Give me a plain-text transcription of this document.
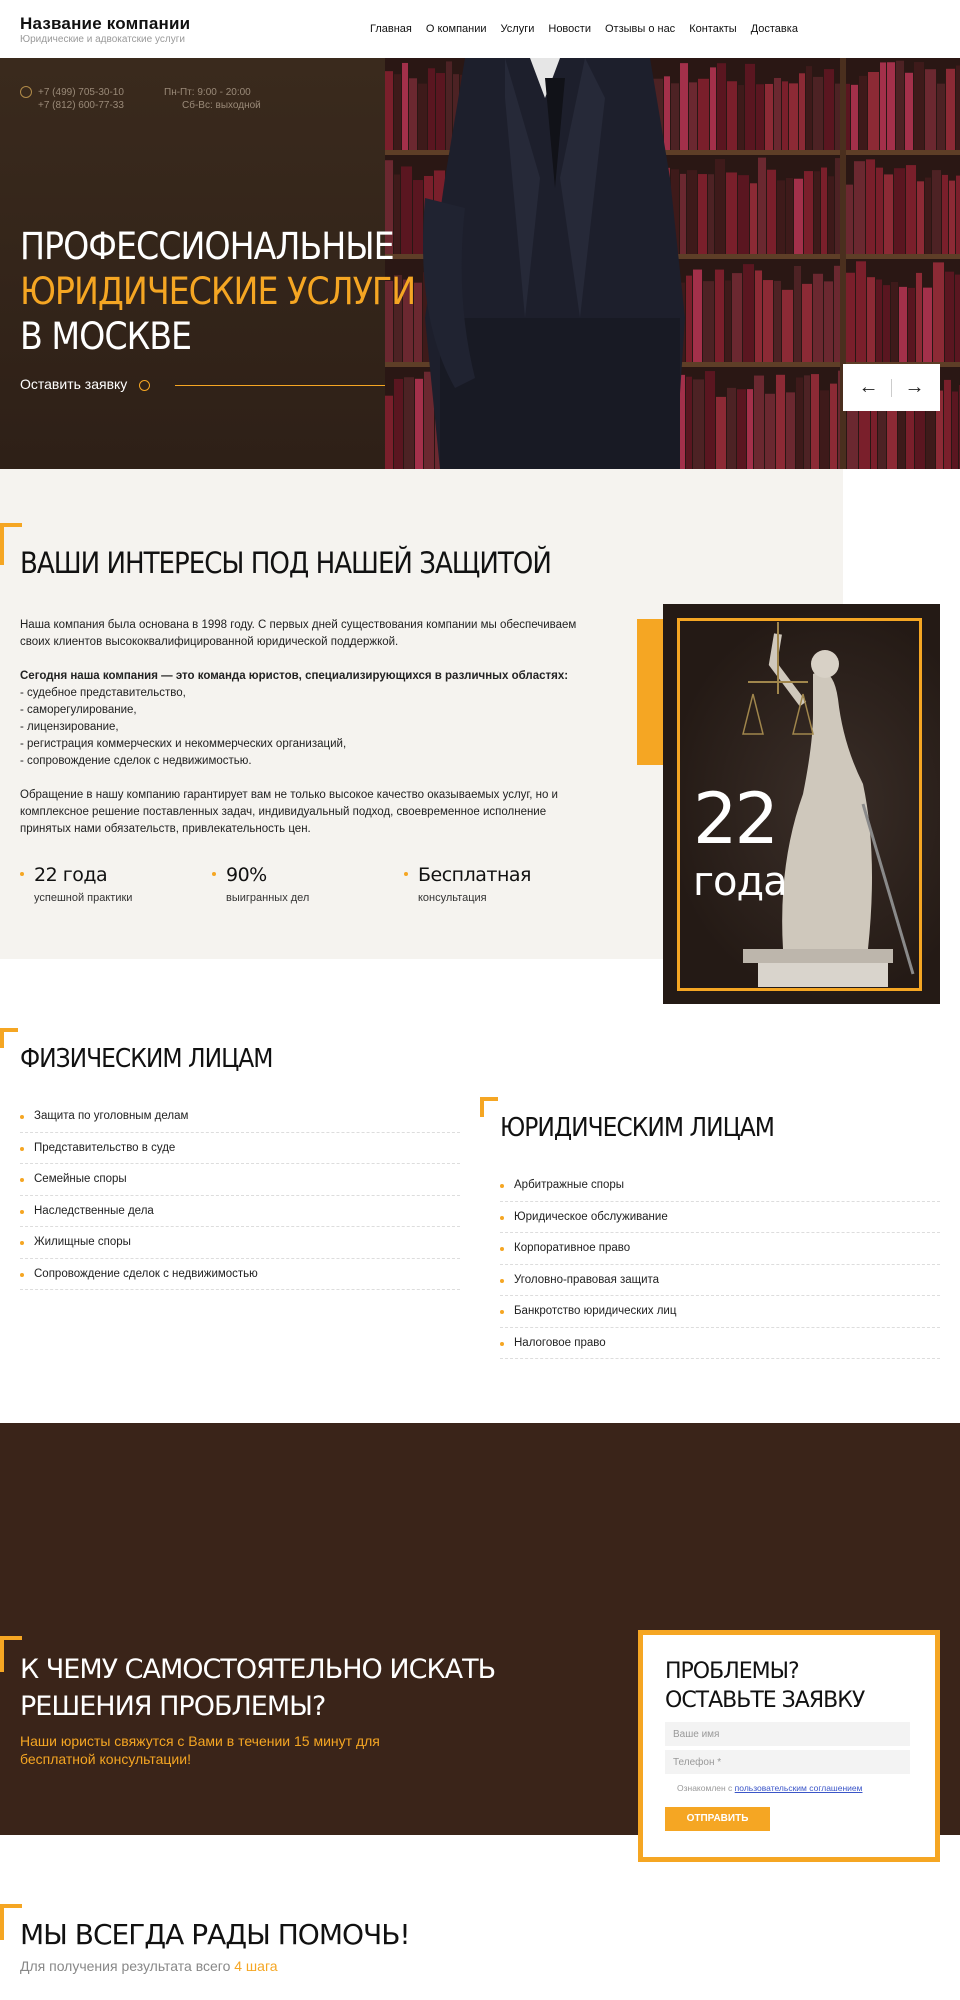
Название компании
Юридические и адвокатские услуги
Главная О компании Услуги Новости Отзывы о нас Контакты Доставка
+7 (499) 705-30-10
+7 (812) 600-77-33
Пн-Пт: 9:00 - 20:00
Сб-Вс: выходной
ПРОФЕССИОНАЛЬНЫЕ
ЮРИДИЧЕСКИЕ УСЛУГИ
В МОСКВЕ
Оставить заявку	←	→
ВАШИ ИНТЕРЕСЫ ПОД НАШЕЙ ЗАЩИТОЙ

Наша компания была основана в 1998 году. С первых дней существования компании мы обеспечиваем своих клиентов высококвалифицированной юридической поддержкой.

Сегодня наша компания — это команда юристов, специализирующихся в различных областях:
- судебное представительство,
- саморегулирование,
- лицензирование,
- регистрация коммерческих и некоммерческих организаций,
- сопровождение сделок с недвижимостью.

Обращение в нашу компанию гарантирует вам не только высокое качество оказываемых услуг, но и комплексное решение поставленных задач, индивидуальный подход, своевременное исполнение принятых нами обязательств, привлекательность цен.

22 года
успешной практики
90%
выигранных дел
Бесплатная
консультация
22
года
ФИЗИЧЕСКИМ ЛИЦАМ
Защита по уголовным делам
Представительство в суде
Семейные споры
Наследственные дела
Жилищные споры
Сопровождение сделок с недвижимостью
ЮРИДИЧЕСКИМ ЛИЦАМ
Арбитражные споры
Юридическое обслуживание
Корпоративное право
Уголовно-правовая защита
Банкротство юридических лиц
Налоговое право
К ЧЕМУ САМОСТОЯТЕЛЬНО ИСКАТЬ
РЕШЕНИЯ ПРОБЛЕМЫ?
Наши юристы свяжутся с Вами в течении 15 минут для бесплатной консультации!
ПРОБЛЕМЫ?
ОСТАВЬТЕ ЗАЯВКУ
Ваше имя
Телефон *
Ознакомлен с пользовательским соглашением
ОТПРАВИТЬ
МЫ ВСЕГДА РАДЫ ПОМОЧЬ!
Для получения результата всего 4 шага
